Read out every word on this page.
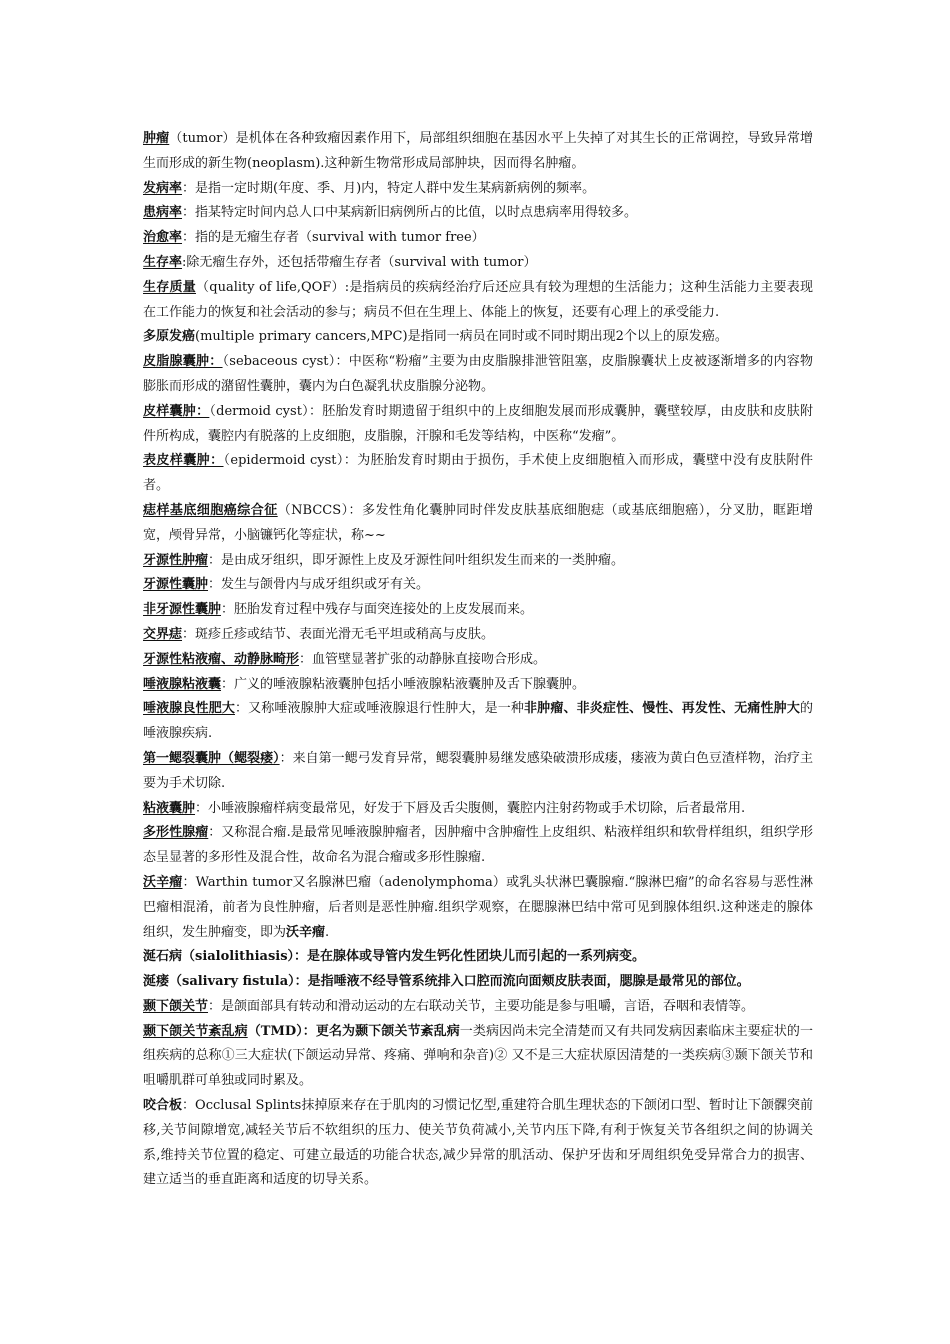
肿瘤（tumor）是机体在各种致瘤因素作用下，局部组织细胞在基因水平上失掉了对其生长的正常调控，导致异常增生而形成的新生物(neoplasm).这种新生物常形成局部肿块，因而得名肿瘤。

发病率：是指一定时期(年度、季、月)内，特定人群中发生某病新病例的频率。

患病率：指某特定时间内总人口中某病新旧病例所占的比值，以时点患病率用得较多。

治愈率：指的是无瘤生存者（survival with tumor free）

生存率:除无瘤生存外，还包括带瘤生存者（survival with tumor）

生存质量（quality of life,QOF）:是指病员的疾病经治疗后还应具有较为理想的生活能力；这种生活能力主要表现在工作能力的恢复和社会活动的参与；病员不但在生理上、体能上的恢复，还要有心理上的承受能力.

多原发癌(multiple primary cancers,MPC)是指同一病员在同时或不同时期出现2个以上的原发癌。

皮脂腺囊肿：（sebaceous cyst）：中医称“粉瘤”主要为由皮脂腺排泄管阻塞，皮脂腺囊状上皮被逐渐增多的内容物膨胀而形成的潴留性囊肿，囊内为白色凝乳状皮脂腺分泌物。

皮样囊肿：（dermoid cyst）：胚胎发育时期遗留于组织中的上皮细胞发展而形成囊肿，囊壁较厚，由皮肤和皮肤附件所构成，囊腔内有脱落的上皮细胞，皮脂腺，汗腺和毛发等结构，中医称“发瘤”。

表皮样囊肿：（epidermoid cyst）：为胚胎发育时期由于损伤，手术使上皮细胞植入而形成，囊壁中没有皮肤附件者。

痣样基底细胞癌综合征（NBCCS）：多发性角化囊肿同时伴发皮肤基底细胞痣（或基底细胞癌），分叉肋，眶距增宽，颅骨异常，小脑镰钙化等症状，称~~

牙源性肿瘤：是由成牙组织，即牙源性上皮及牙源性间叶组织发生而来的一类肿瘤。

牙源性囊肿：发生与颌骨内与成牙组织或牙有关。

非牙源性囊肿：胚胎发育过程中残存与面突连接处的上皮发展而来。

交界痣：斑疹丘疹或结节、表面光滑无毛平坦或稍高与皮肤。

牙源性粘液瘤、动静脉畸形：血管壁显著扩张的动静脉直接吻合形成。

唾液腺粘液囊：广义的唾液腺粘液囊肿包括小唾液腺粘液囊肿及舌下腺囊肿。

唾液腺良性肥大：又称唾液腺肿大症或唾液腺退行性肿大，是一种非肿瘤、非炎症性、慢性、再发性、无痛性肿大的唾液腺疾病.

第一鳃裂囊肿（鳃裂瘘）：来自第一鳃弓发育异常，鳃裂囊肿易继发感染破溃形成瘘，瘘液为黄白色豆渣样物，治疗主要为手术切除.

粘液囊肿：小唾液腺瘤样病变最常见，好发于下唇及舌尖腹侧，囊腔内注射药物或手术切除，后者最常用.

多形性腺瘤：又称混合瘤.是最常见唾液腺肿瘤者，因肿瘤中含肿瘤性上皮组织、粘液样组织和软骨样组织，组织学形态呈显著的多形性及混合性，故命名为混合瘤或多形性腺瘤.

沃辛瘤：Warthin tumor又名腺淋巴瘤（adenolymphoma）或乳头状淋巴囊腺瘤.“腺淋巴瘤”的命名容易与恶性淋巴瘤相混淆，前者为良性肿瘤，后者则是恶性肿瘤.组织学观察，在腮腺淋巴结中常可见到腺体组织.这种迷走的腺体组织，发生肿瘤变，即为沃辛瘤.

涎石病（sialolithiasis）：是在腺体或导管内发生钙化性团块儿而引起的一系列病变。

涎瘘（salivary fistula）：是指唾液不经导管系统排入口腔而流向面颊皮肤表面，腮腺是最常见的部位。

颞下颌关节：是颌面部具有转动和滑动运动的左右联动关节，主要功能是参与咀嚼，言语，吞咽和表情等。

颞下颌关节紊乱病（TMD）：更名为颞下颌关节紊乱病一类病因尚未完全清楚而又有共同发病因素临床主要症状的一组疾病的总称①三大症状(下颌运动异常、疼痛、弹响和杂音)② 又不是三大症状原因清楚的一类疾病③颞下颌关节和咀嚼肌群可单独或同时累及。

咬合板：Occlusal Splints抹掉原来存在于肌肉的习惯记忆型,重建符合肌生理状态的下颌闭口型、暂时让下颌髁突前移,关节间隙增宽,减轻关节后不软组织的压力、使关节负荷减小,关节内压下降,有利于恢复关节各组织之间的协调关系,维持关节位置的稳定、可建立最适的功能合状态,减少异常的肌活动、保护牙齿和牙周组织免受异常合力的损害、建立适当的垂直距离和适度的切导关系。
